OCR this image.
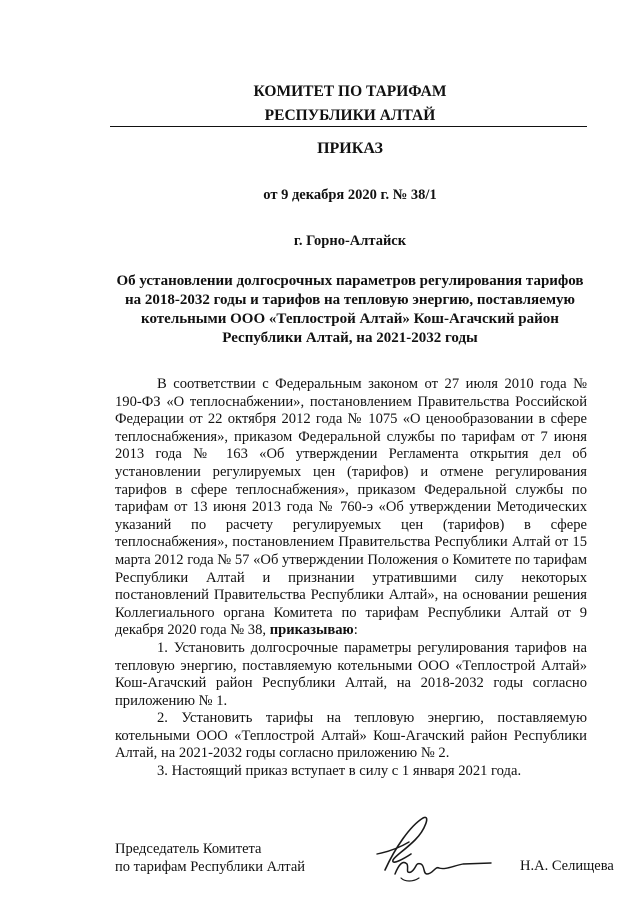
КОМИТЕТ ПО ТАРИФАМ
РЕСПУБЛИКИ АЛТАЙ
ПРИКАЗ
от 9 декабря 2020 г. № 38/1
г. Горно-Алтайск
Об установлении долгосрочных параметров регулирования тарифов на 2018-2032 годы и тарифов на тепловую энергию, поставляемую котельными ООО «Теплострой Алтай» Кош-Агачский район Республики Алтай, на 2021-2032 годы

В соответствии с Федеральным законом от 27 июля 2010 года № 190-ФЗ «О теплоснабжении», постановлением Правительства Российской Федерации от 22 октября 2012 года № 1075 «О ценообразовании в сфере теплоснабжения», приказом Федеральной службы по тарифам от 7 июня 2013 года № 163 «Об утверждении Регламента открытия дел об установлении регулируемых цен (тарифов) и отмене регулирования тарифов в сфере теплоснабжения», приказом Федеральной службы по тарифам от 13 июня 2013 года № 760-э «Об утверждении Методических указаний по расчету регулируемых цен (тарифов) в сфере теплоснабжения», постановлением Правительства Республики Алтай от 15 марта 2012 года № 57 «Об утверждении Положения о Комитете по тарифам Республики Алтай и признании утратившими силу некоторых постановлений Правительства Республики Алтай», на основании решения Коллегиального органа Комитета по тарифам Республики Алтай от 9 декабря 2020 года № 38, приказываю:

1. Установить долгосрочные параметры регулирования тарифов на тепловую энергию, поставляемую котельными ООО «Теплострой Алтай» Кош-Агачский район Республики Алтай, на 2018-2032 годы согласно приложению № 1.

2. Установить тарифы на тепловую энергию, поставляемую котельными ООО «Теплострой Алтай» Кош-Агачский район Республики Алтай, на 2021-2032 годы согласно приложению № 2.

3. Настоящий приказ вступает в силу с 1 января 2021 года.

Председатель Комитета
по тарифам Республики Алтай	Н.А. Селищева
